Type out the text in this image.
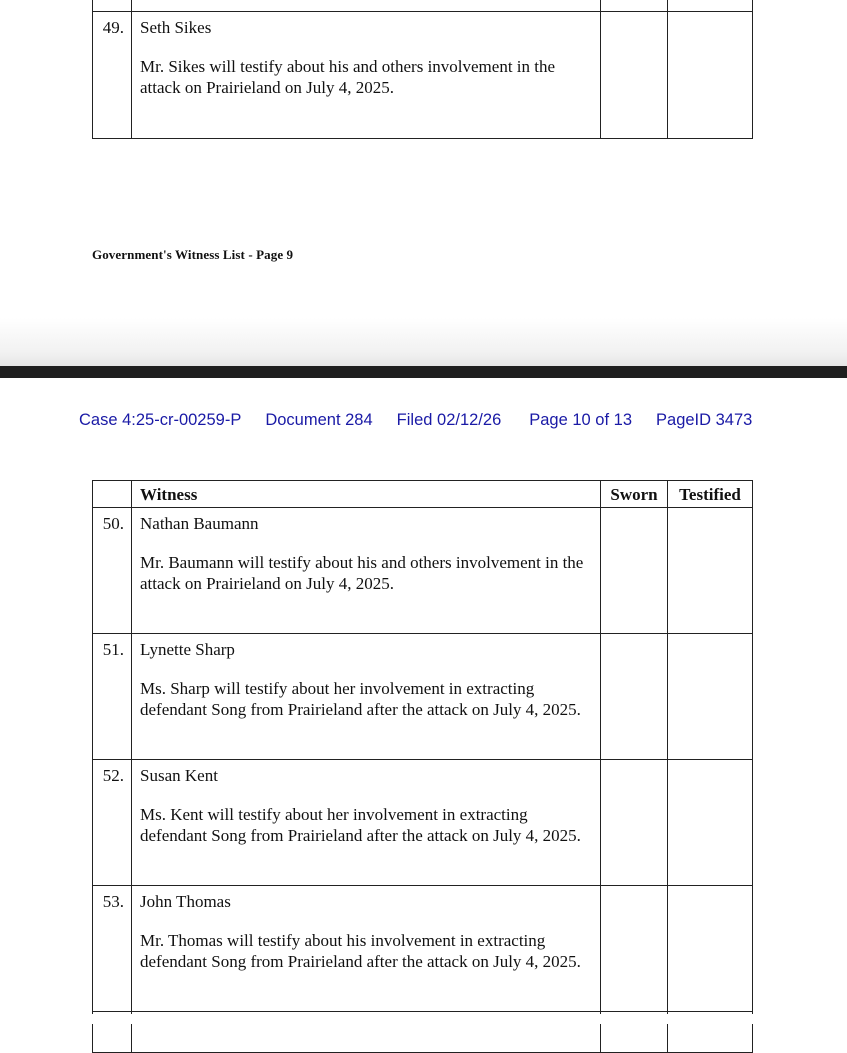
49.	Seth Sikes
Mr. Sikes will testify about his and others involvement in the attack on Prairieland on July 4, 2025.		

Government's Witness List - Page 9
Case 4:25-cr-00259-P Document 284 Filed 02/12/26 Page 10 of 13 PageID 3473
	Witness	Sworn	Testified

50.	Nathan Baumann
Mr. Baumann will testify about his and others involvement in the attack on Prairieland on July 4, 2025.		

51.	Lynette Sharp
Ms. Sharp will testify about her involvement in extracting defendant Song from Prairieland after the attack on July 4, 2025.		

52.	Susan Kent
Ms. Kent will testify about her involvement in extracting defendant Song from Prairieland after the attack on July 4, 2025.		

53.	John Thomas
Mr. Thomas will testify about his involvement in extracting defendant Song from Prairieland after the attack on July 4, 2025.		
